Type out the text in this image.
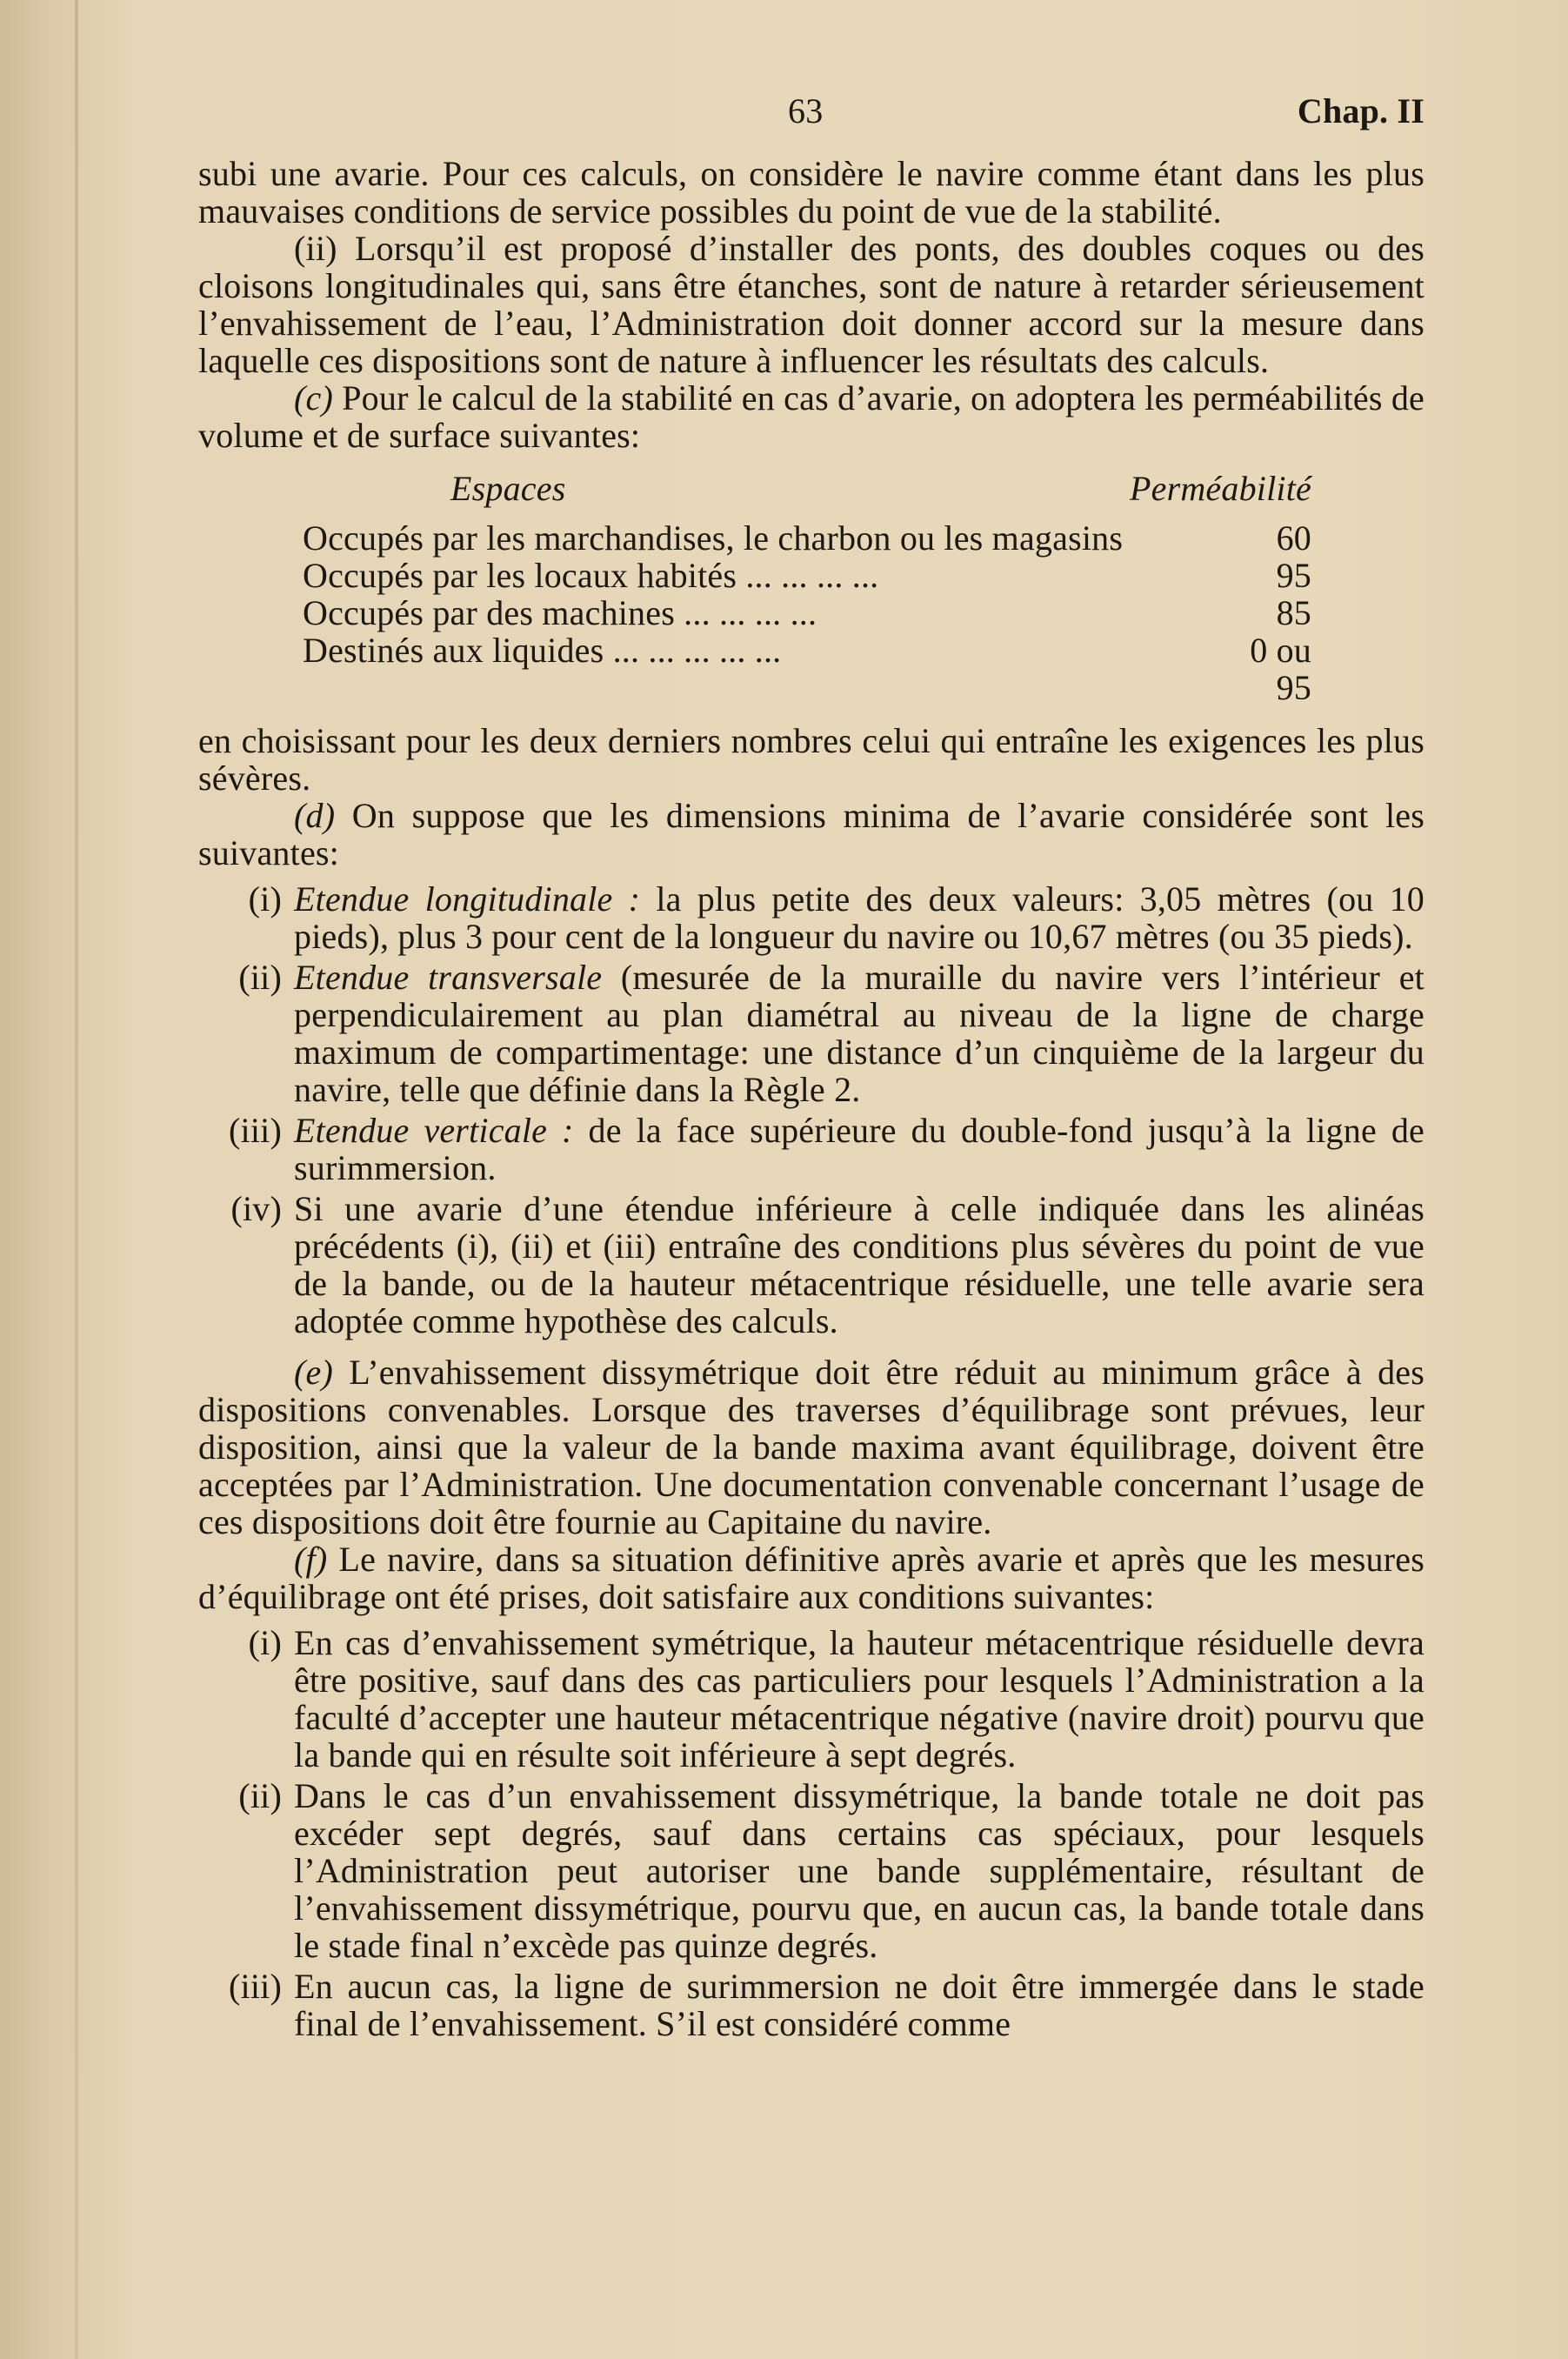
63	Chap. II

subi une avarie. Pour ces calculs, on considère le navire comme étant dans les plus mauvaises conditions de service possibles du point de vue de la stabilité.

(ii) Lorsqu’il est proposé d’installer des ponts, des doubles coques ou des cloisons longitudinales qui, sans être étanches, sont de nature à retarder sérieusement l’envahissement de l’eau, l’Administration doit donner accord sur la mesure dans laquelle ces dispositions sont de nature à influencer les résultats des calculs.

(c) Pour le calcul de la stabilité en cas d’avarie, on adoptera les perméabilités de volume et de surface suivantes:

Espaces	Perméabilité
Occupés par les marchandises, le charbon ou les magasins	60
Occupés par les locaux habités ... ... ... ...	95
Occupés par des machines ... ... ... ...	85
Destinés aux liquides ... ... ... ... ...	0 ou 95

en choisissant pour les deux derniers nombres celui qui entraîne les exigences les plus sévères.

(d) On suppose que les dimensions minima de l’avarie considérée sont les suivantes:

(i) Etendue longitudinale : la plus petite des deux valeurs: 3,05 mètres (ou 10 pieds), plus 3 pour cent de la longueur du navire ou 10,67 mètres (ou 35 pieds).
(ii) Etendue transversale (mesurée de la muraille du navire vers l’intérieur et perpendiculairement au plan diamétral au niveau de la ligne de charge maximum de compartimentage: une distance d’un cinquième de la largeur du navire, telle que définie dans la Règle 2.
(iii) Etendue verticale : de la face supérieure du double-fond jusqu’à la ligne de surimmersion.
(iv) Si une avarie d’une étendue inférieure à celle indiquée dans les alinéas précédents (i), (ii) et (iii) entraîne des conditions plus sévères du point de vue de la bande, ou de la hauteur métacentrique résiduelle, une telle avarie sera adoptée comme hypothèse des calculs.

(e) L’envahissement dissymétrique doit être réduit au minimum grâce à des dispositions convenables. Lorsque des traverses d’équilibrage sont prévues, leur disposition, ainsi que la valeur de la bande maxima avant équilibrage, doivent être acceptées par l’Administration. Une documentation convenable concernant l’usage de ces dispositions doit être fournie au Capitaine du navire.

(f) Le navire, dans sa situation définitive après avarie et après que les mesures d’équilibrage ont été prises, doit satisfaire aux conditions suivantes:

(i) En cas d’envahissement symétrique, la hauteur métacentrique résiduelle devra être positive, sauf dans des cas particuliers pour lesquels l’Administration a la faculté d’accepter une hauteur métacentrique négative (navire droit) pourvu que la bande qui en résulte soit inférieure à sept degrés.
(ii) Dans le cas d’un envahissement dissymétrique, la bande totale ne doit pas excéder sept degrés, sauf dans certains cas spéciaux, pour lesquels l’Administration peut autoriser une bande supplémentaire, résultant de l’envahissement dissymétrique, pourvu que, en aucun cas, la bande totale dans le stade final n’excède pas quinze degrés.
(iii) En aucun cas, la ligne de surimmersion ne doit être immergée dans le stade final de l’envahissement. S’il est considéré comme
